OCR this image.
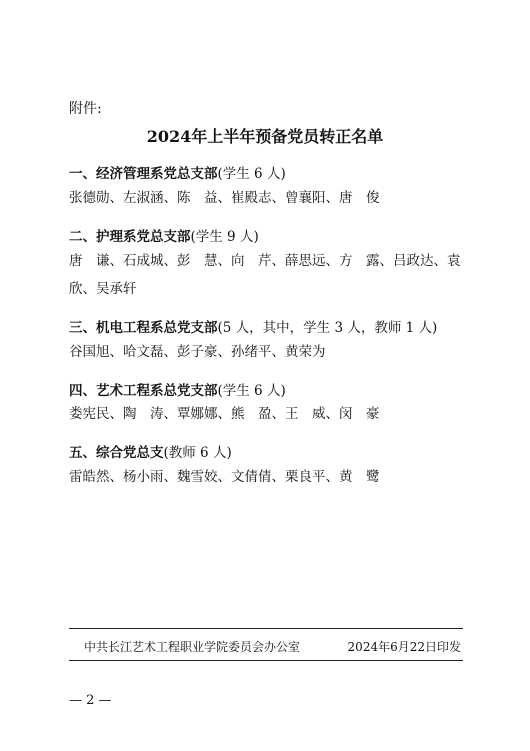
附件:
2024年上半年预备党员转正名单
一、经济管理系党总支部(学生 6 人)
张德勋、左淑涵、陈　益、崔殿志、曾襄阳、唐　俊
二、护理系党总支部(学生 9 人)
唐　谦、石成城、彭　慧、向　芹、薛思远、方　露、吕政达、袁　欣、吴承轩
三、机电工程系总党支部(5 人，其中，学生 3 人，教师 1 人)
谷国旭、哈文磊、彭子豪、孙绪平、黄荣为
四、艺术工程系总党支部(学生 6 人)
娄宪民、陶　涛、覃娜娜、熊　盈、王　威、闵　豪
五、综合党总支(教师 6 人)
雷皓然、杨小雨、魏雪姣、文倩倩、栗良平、黄　鹭
中共长江艺术工程职业学院委员会办公室	2024年6月22日印发
— 2 —
